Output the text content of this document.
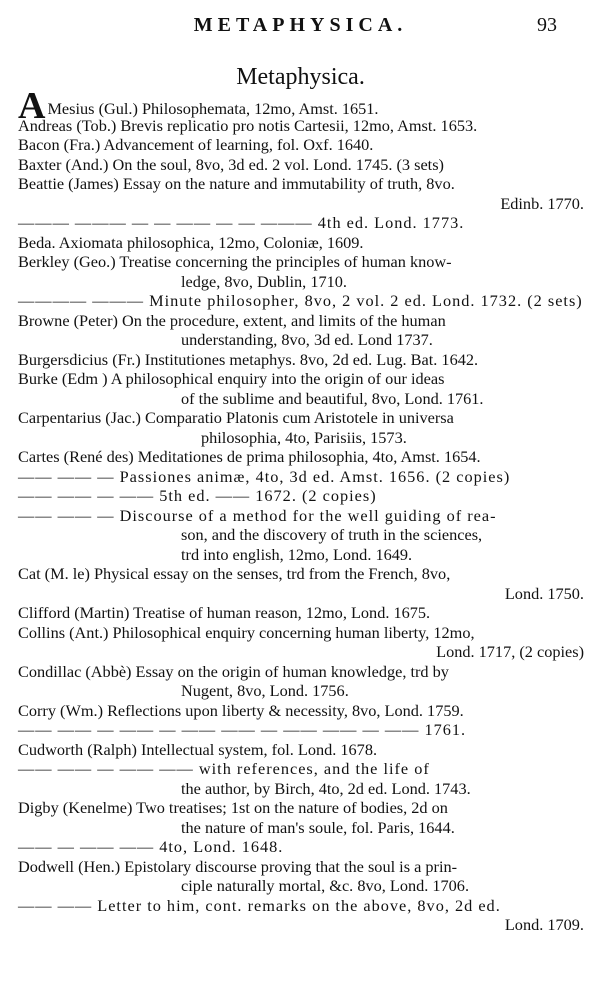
METAPHYSICA.	93
Metaphysica.
A Mesius (Gul.) Philosophemata, 12mo, Amst. 1651.
Andreas (Tob.) Brevis replicatio pro notis Cartesii, 12mo, Amst. 1653.
Bacon (Fra.) Advancement of learning, fol. Oxf. 1640.
Baxter (And.) On the soul, 8vo, 3d ed. 2 vol. Lond. 1745. (3 sets)
Beattie (James) Essay on the nature and immutability of truth, 8vo.
Edinb. 1770.
——— ——— — — —— — — ——— 4th ed. Lond. 1773.
Beda. Axiomata philosophica, 12mo, Coloniæ, 1609.
Berkley (Geo.) Treatise concerning the principles of human know-
ledge, 8vo, Dublin, 1710.
———— ——— Minute philosopher, 8vo, 2 vol. 2 ed. Lond. 1732. (2 sets)
Browne (Peter) On the procedure, extent, and limits of the human
understanding, 8vo, 3d ed. Lond 1737.
Burgersdicius (Fr.) Institutiones metaphys. 8vo, 2d ed. Lug. Bat. 1642.
Burke (Edm ) A philosophical enquiry into the origin of our ideas
of the sublime and beautiful, 8vo, Lond. 1761.
Carpentarius (Jac.) Comparatio Platonis cum Aristotele in universa
philosophia, 4to, Parisiis, 1573.
Cartes (René des) Meditationes de prima philosophia, 4to, Amst. 1654.
—— —— — Passiones animæ, 4to, 3d ed. Amst. 1656. (2 copies)
—— —— — —— 5th ed. —— 1672. (2 copies)
—— —— — Discourse of a method for the well guiding of rea-
son, and the discovery of truth in the sciences,
trd into english, 12mo, Lond. 1649.
Cat (M. le) Physical essay on the senses, trd from the French, 8vo,
Lond. 1750.
Clifford (Martin) Treatise of human reason, 12mo, Lond. 1675.
Collins (Ant.) Philosophical enquiry concerning human liberty, 12mo,
Lond. 1717, (2 copies)
Condillac (Abbè) Essay on the origin of human knowledge, trd by
Nugent, 8vo, Lond. 1756.
Corry (Wm.) Reflections upon liberty & necessity, 8vo, Lond. 1759.
—— —— — —— — —— —— — —— —— — —— 1761.
Cudworth (Ralph) Intellectual system, fol. Lond. 1678.
—— —— — —— —— with references, and the life of
the author, by Birch, 4to, 2d ed. Lond. 1743.
Digby (Kenelme) Two treatises; 1st on the nature of bodies, 2d on
the nature of man's soule, fol. Paris, 1644.
—— — —— —— 4to, Lond. 1648.
Dodwell (Hen.) Epistolary discourse proving that the soul is a prin-
ciple naturally mortal, &c. 8vo, Lond. 1706.
—— —— Letter to him, cont. remarks on the above, 8vo, 2d ed.
Lond. 1709.
